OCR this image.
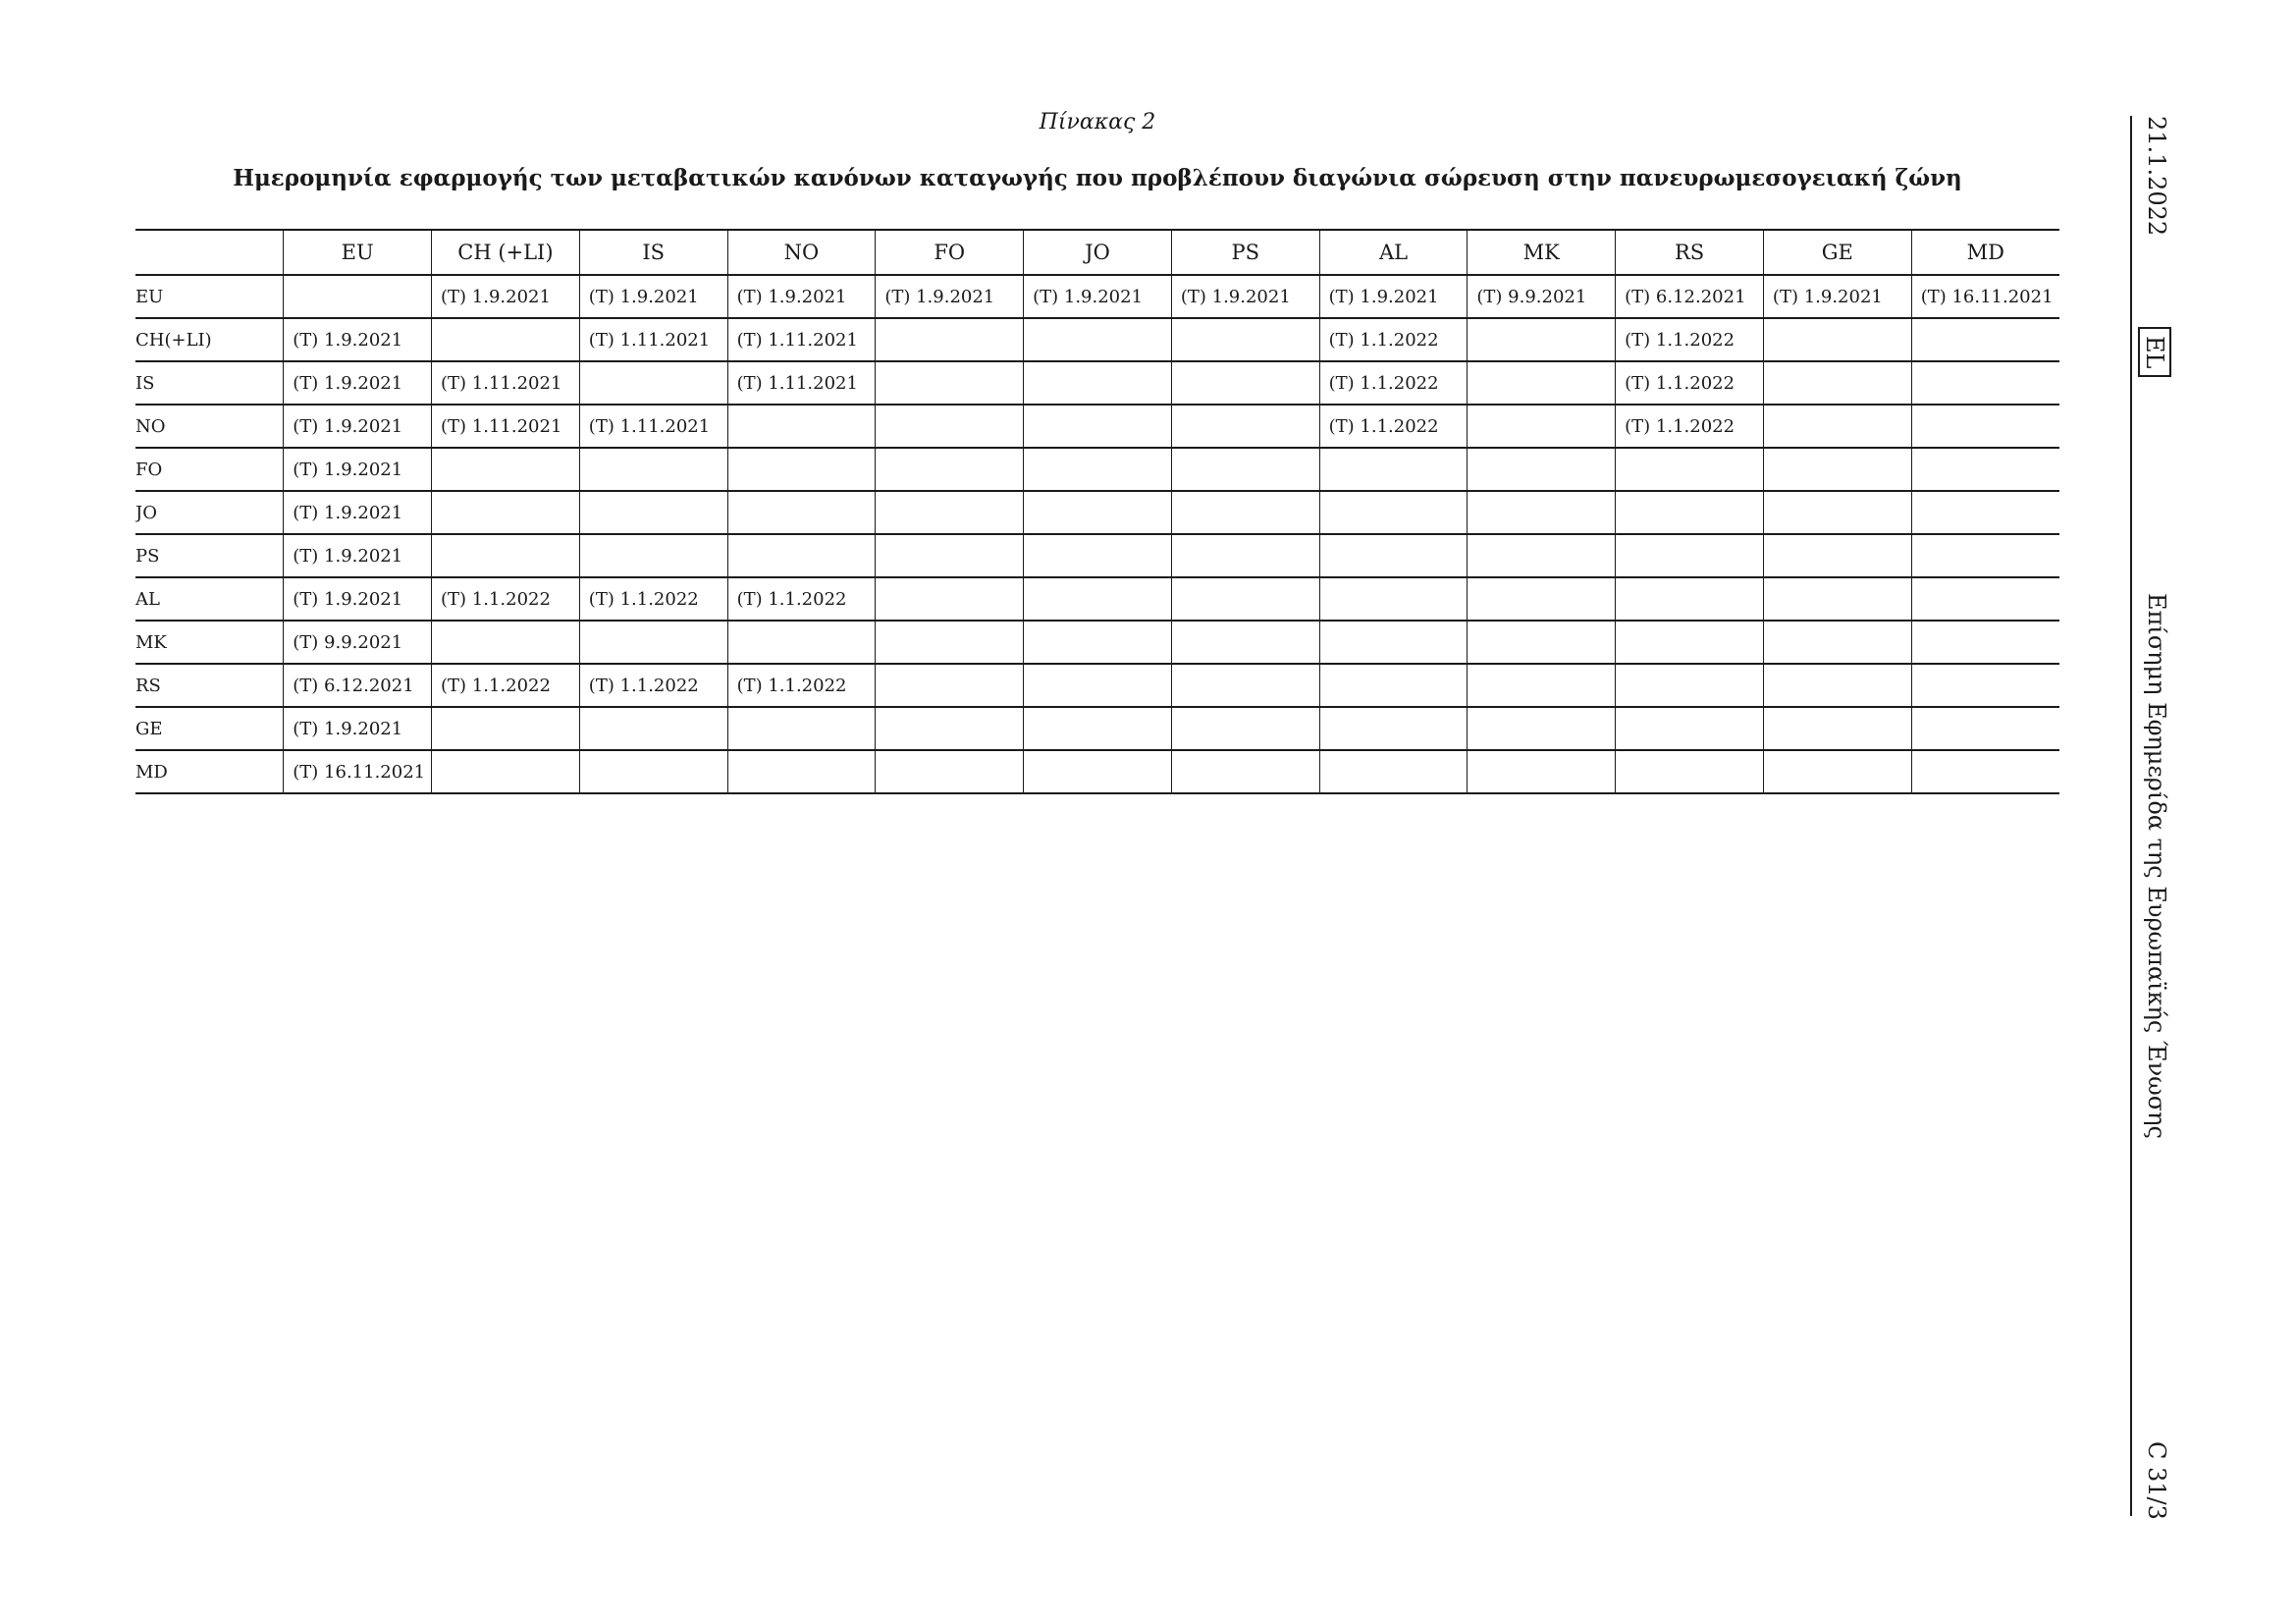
Πίνακας 2
Ημερομηνία εφαρμογής των μεταβατικών κανόνων καταγωγής που προβλέπουν διαγώνια σώρευση στην πανευρωμεσογειακή ζώνη
	EU	CH (+LI)	IS	NO	FO	JO	PS	AL	MK	RS	GE	MD
EU		(T) 1.9.2021	(T) 1.9.2021	(T) 1.9.2021	(T) 1.9.2021	(T) 1.9.2021	(T) 1.9.2021	(T) 1.9.2021	(T) 9.9.2021	(T) 6.12.2021	(T) 1.9.2021	(T) 16.11.2021
CH(+LI)	(T) 1.9.2021		(T) 1.11.2021	(T) 1.11.2021				(T) 1.1.2022		(T) 1.1.2022		
IS	(T) 1.9.2021	(T) 1.11.2021		(T) 1.11.2021				(T) 1.1.2022		(T) 1.1.2022		
NO	(T) 1.9.2021	(T) 1.11.2021	(T) 1.11.2021					(T) 1.1.2022		(T) 1.1.2022		
FO	(T) 1.9.2021											
JO	(T) 1.9.2021											
PS	(T) 1.9.2021											
AL	(T) 1.9.2021	(T) 1.1.2022	(T) 1.1.2022	(T) 1.1.2022								
MK	(T) 9.9.2021											
RS	(T) 6.12.2021	(T) 1.1.2022	(T) 1.1.2022	(T) 1.1.2022								
GE	(T) 1.9.2021											
MD	(T) 16.11.2021											
21.1.2022
EL
Επίσημη Εφημερίδα της Ευρωπαϊκής Ένωσης
C 31/3
